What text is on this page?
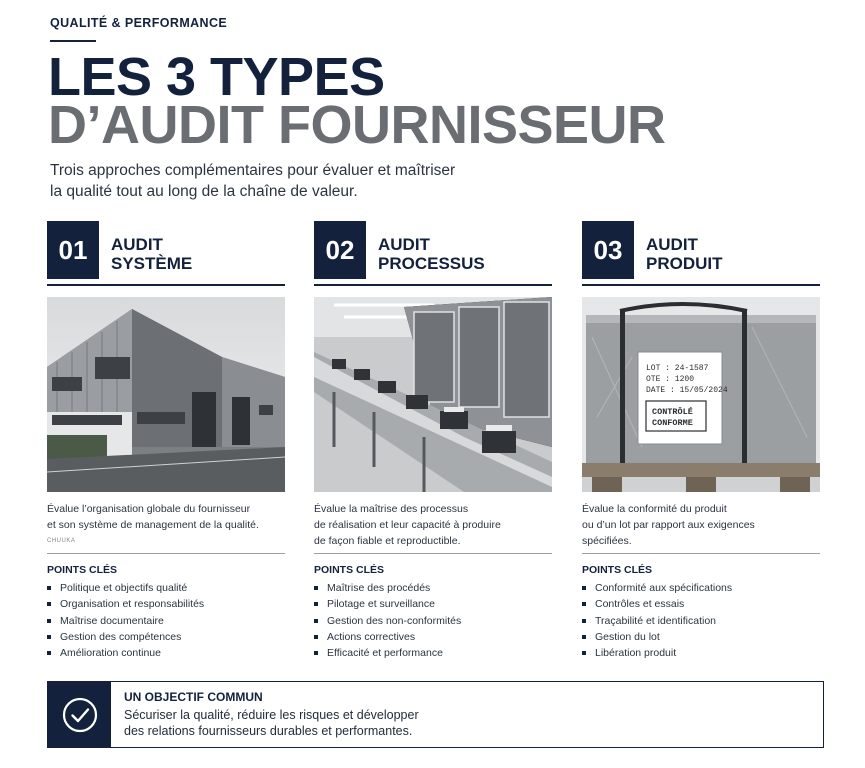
QUALITÉ & PERFORMANCE
LES 3 TYPES
D’AUDIT FOURNISSEUR
Trois approches complémentaires pour évaluer et maîtriser
la qualité tout au long de la chaîne de valeur.
01	AUDIT
SYSTÈME
Évalue l’organisation globale du fournisseur
et son système de management de la qualité.
CHUUKA
POINTS CLÉS
Politique et objectifs qualité
Organisation et responsabilités
Maîtrise documentaire
Gestion des compétences
Amélioration continue
02	AUDIT
PROCESSUS
Évalue la maîtrise des processus
de réalisation et leur capacité à produire
de façon fiable et reproductible.
POINTS CLÉS
Maîtrise des procédés
Pilotage et surveillance
Gestion des non-conformités
Actions correctives
Efficacité et performance
03	AUDIT
PRODUIT
LOT : 24-1587
OTE : 1200
DATE : 15/05/2024
CONTRÔLÉ
CONFORME
Évalue la conformité du produit
ou d’un lot par rapport aux exigences
spécifiées.
POINTS CLÉS
Conformité aux spécifications
Contrôles et essais
Traçabilité et identification
Gestion du lot
Libération produit
UN OBJECTIF COMMUN
Sécuriser la qualité, réduire les risques et développer
des relations fournisseurs durables et performantes.
